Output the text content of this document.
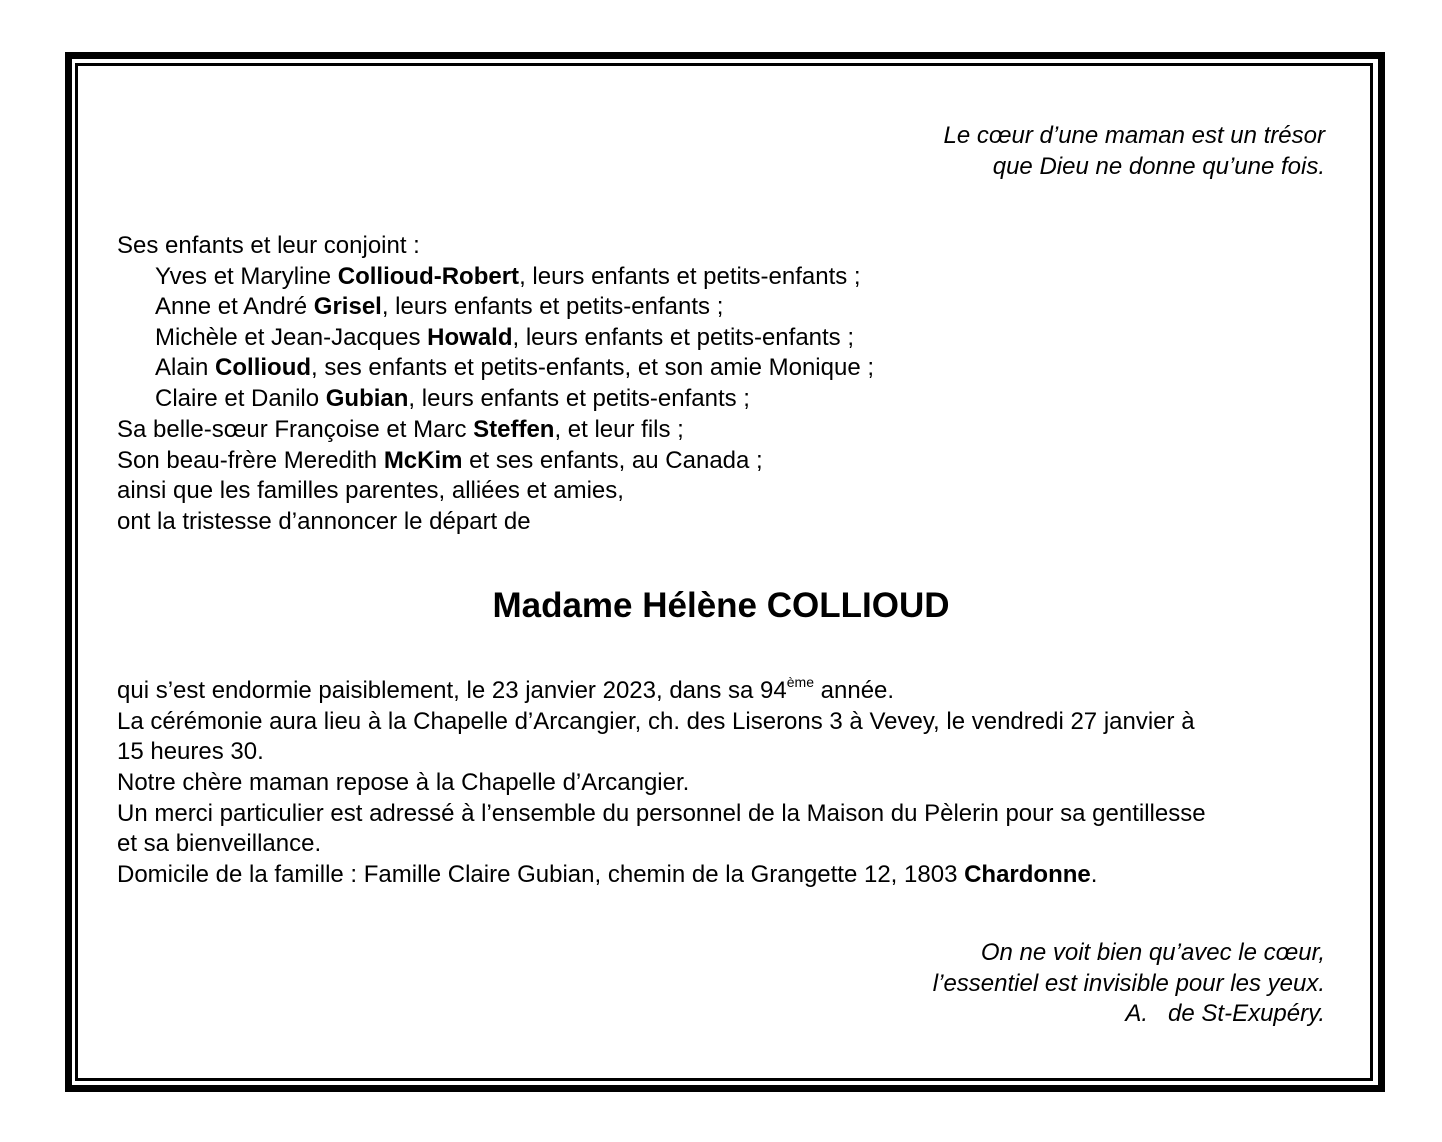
Le cœur d’une maman est un trésor
que Dieu ne donne qu’une fois.
Ses enfants et leur conjoint :
Yves et Maryline Collioud-Robert, leurs enfants et petits-enfants ;
Anne et André Grisel, leurs enfants et petits-enfants ;
Michèle et Jean-Jacques Howald, leurs enfants et petits-enfants ;
Alain Collioud, ses enfants et petits-enfants, et son amie Monique ;
Claire et Danilo Gubian, leurs enfants et petits-enfants ;
Sa belle-sœur Françoise et Marc Steffen, et leur fils ;
Son beau-frère Meredith McKim et ses enfants, au Canada ;
ainsi que les familles parentes, alliées et amies,
ont la tristesse d’annoncer le départ de
Madame Hélène COLLIOUD
qui s’est endormie paisiblement, le 23 janvier 2023, dans sa 94ème année.
La cérémonie aura lieu à la Chapelle d’Arcangier, ch. des Liserons 3 à Vevey, le vendredi 27 janvier à
15 heures 30.
Notre chère maman repose à la Chapelle d’Arcangier.
Un merci particulier est adressé à l’ensemble du personnel de la Maison du Pèlerin pour sa gentillesse
et sa bienveillance.
Domicile de la famille : Famille Claire Gubian, chemin de la Grangette 12, 1803 Chardonne.
On ne voit bien qu’avec le cœur,
l’essentiel est invisible pour les yeux.
A.   de St-Exupéry.
